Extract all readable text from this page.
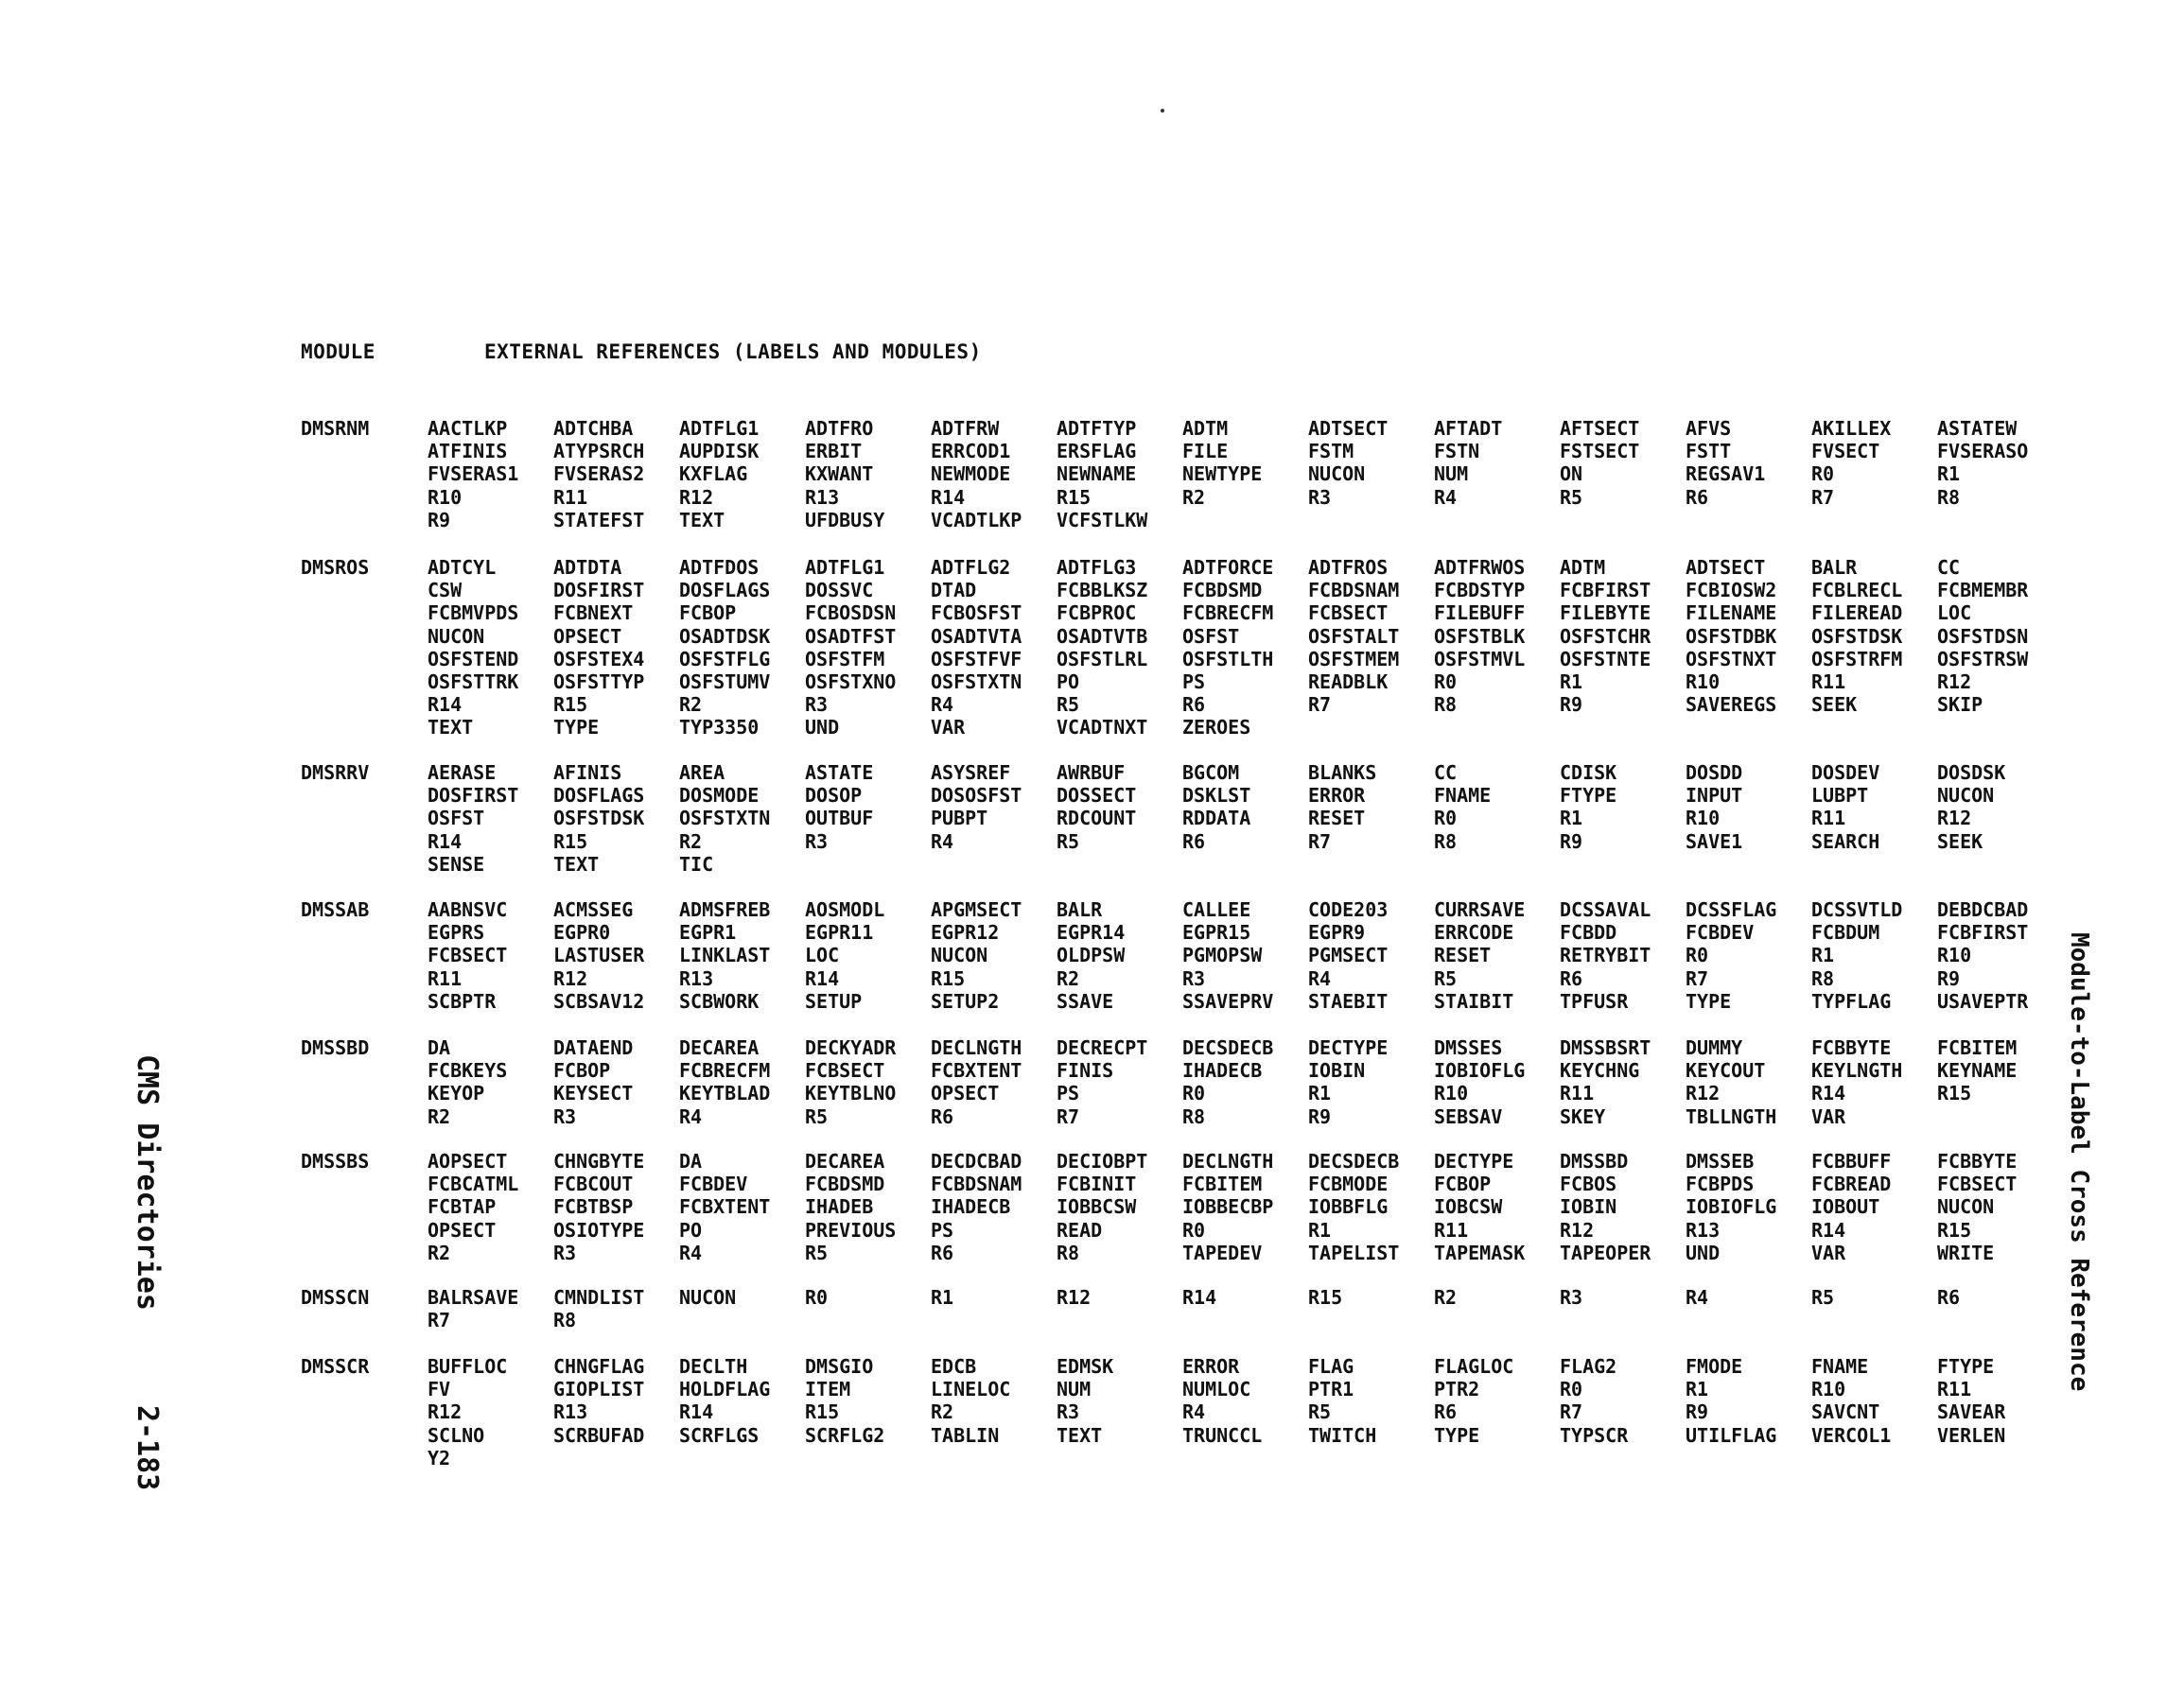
MODULE	EXTERNAL REFERENCES (LABELS AND MODULES)
DMSRNM	AACTLKP	ADTCHBA	ADTFLG1	ADTFRO	ADTFRW	ADTFTYP	ADTM	ADTSECT	AFTADT	AFTSECT	AFVS	AKILLEX	ASTATEW
ATFINIS	ATYPSRCH	AUPDISK	ERBIT	ERRCOD1	ERSFLAG	FILE	FSTM	FSTN	FSTSECT	FSTT	FVSECT	FVSERASO
FVSERAS1	FVSERAS2	KXFLAG	KXWANT	NEWMODE	NEWNAME	NEWTYPE	NUCON	NUM	ON	REGSAV1	R0	R1
R10	R11	R12	R13	R14	R15	R2	R3	R4	R5	R6	R7	R8
R9	STATEFST	TEXT	UFDBUSY	VCADTLKP	VCFSTLKW
DMSROS	ADTCYL	ADTDTA	ADTFDOS	ADTFLG1	ADTFLG2	ADTFLG3	ADTFORCE	ADTFROS	ADTFRWOS	ADTM	ADTSECT	BALR	CC
CSW	DOSFIRST	DOSFLAGS	DOSSVC	DTAD	FCBBLKSZ	FCBDSMD	FCBDSNAM	FCBDSTYP	FCBFIRST	FCBIOSW2	FCBLRECL	FCBMEMBR
FCBMVPDS	FCBNEXT	FCBOP	FCBOSDSN	FCBOSFST	FCBPROC	FCBRECFM	FCBSECT	FILEBUFF	FILEBYTE	FILENAME	FILEREAD	LOC
NUCON	OPSECT	OSADTDSK	OSADTFST	OSADTVTA	OSADTVTB	OSFST	OSFSTALT	OSFSTBLK	OSFSTCHR	OSFSTDBK	OSFSTDSK	OSFSTDSN
OSFSTEND	OSFSTEX4	OSFSTFLG	OSFSTFM	OSFSTFVF	OSFSTLRL	OSFSTLTH	OSFSTMEM	OSFSTMVL	OSFSTNTE	OSFSTNXT	OSFSTRFM	OSFSTRSW
OSFSTTRK	OSFSTTYP	OSFSTUMV	OSFSTXNO	OSFSTXTN	PO	PS	READBLK	R0	R1	R10	R11	R12
R14	R15	R2	R3	R4	R5	R6	R7	R8	R9	SAVEREGS	SEEK	SKIP
TEXT	TYPE	TYP3350	UND	VAR	VCADTNXT	ZEROES
DMSRRV	AERASE	AFINIS	AREA	ASTATE	ASYSREF	AWRBUF	BGCOM	BLANKS	CC	CDISK	DOSDD	DOSDEV	DOSDSK
DOSFIRST	DOSFLAGS	DOSMODE	DOSOP	DOSOSFST	DOSSECT	DSKLST	ERROR	FNAME	FTYPE	INPUT	LUBPT	NUCON
OSFST	OSFSTDSK	OSFSTXTN	OUTBUF	PUBPT	RDCOUNT	RDDATA	RESET	R0	R1	R10	R11	R12
R14	R15	R2	R3	R4	R5	R6	R7	R8	R9	SAVE1	SEARCH	SEEK
SENSE	TEXT	TIC
DMSSAB	AABNSVC	ACMSSEG	ADMSFREB	AOSMODL	APGMSECT	BALR	CALLEE	CODE203	CURRSAVE	DCSSAVAL	DCSSFLAG	DCSSVTLD	DEBDCBAD
EGPRS	EGPR0	EGPR1	EGPR11	EGPR12	EGPR14	EGPR15	EGPR9	ERRCODE	FCBDD	FCBDEV	FCBDUM	FCBFIRST
FCBSECT	LASTUSER	LINKLAST	LOC	NUCON	OLDPSW	PGMOPSW	PGMSECT	RESET	RETRYBIT	R0	R1	R10
R11	R12	R13	R14	R15	R2	R3	R4	R5	R6	R7	R8	R9
SCBPTR	SCBSAV12	SCBWORK	SETUP	SETUP2	SSAVE	SSAVEPRV	STAEBIT	STAIBIT	TPFUSR	TYPE	TYPFLAG	USAVEPTR
DMSSBD	DA	DATAEND	DECAREA	DECKYADR	DECLNGTH	DECRECPT	DECSDECB	DECTYPE	DMSSES	DMSSBSRT	DUMMY	FCBBYTE	FCBITEM
FCBKEYS	FCBOP	FCBRECFM	FCBSECT	FCBXTENT	FINIS	IHADECB	IOBIN	IOBIOFLG	KEYCHNG	KEYCOUT	KEYLNGTH	KEYNAME
KEYOP	KEYSECT	KEYTBLAD	KEYTBLNO	OPSECT	PS	R0	R1	R10	R11	R12	R14	R15
R2	R3	R4	R5	R6	R7	R8	R9	SEBSAV	SKEY	TBLLNGTH	VAR
DMSSBS	AOPSECT	CHNGBYTE	DA	DECAREA	DECDCBAD	DECIOBPT	DECLNGTH	DECSDECB	DECTYPE	DMSSBD	DMSSEB	FCBBUFF	FCBBYTE
FCBCATML	FCBCOUT	FCBDEV	FCBDSMD	FCBDSNAM	FCBINIT	FCBITEM	FCBMODE	FCBOP	FCBOS	FCBPDS	FCBREAD	FCBSECT
FCBTAP	FCBTBSP	FCBXTENT	IHADEB	IHADECB	IOBBCSW	IOBBECBP	IOBBFLG	IOBCSW	IOBIN	IOBIOFLG	IOBOUT	NUCON
OPSECT	OSIOTYPE	PO	PREVIOUS	PS	READ	R0	R1	R11	R12	R13	R14	R15
R2	R3	R4	R5	R6	R8	TAPEDEV	TAPELIST	TAPEMASK	TAPEOPER	UND	VAR	WRITE
DMSSCN	BALRSAVE	CMNDLIST	NUCON	R0	R1	R12	R14	R15	R2	R3	R4	R5	R6
R7	R8
DMSSCR	BUFFLOC	CHNGFLAG	DECLTH	DMSGIO	EDCB	EDMSK	ERROR	FLAG	FLAGLOC	FLAG2	FMODE	FNAME	FTYPE
FV	GIOPLIST	HOLDFLAG	ITEM	LINELOC	NUM	NUMLOC	PTR1	PTR2	R0	R1	R10	R11
R12	R13	R14	R15	R2	R3	R4	R5	R6	R7	R9	SAVCNT	SAVEAR
SCLNO	SCRBUFAD	SCRFLGS	SCRFLG2	TABLIN	TEXT	TRUNCCL	TWITCH	TYPE	TYPSCR	UTILFLAG	VERCOL1	VERLEN
Y2
CMS Directories2-183
Module-to-Label Cross Reference
